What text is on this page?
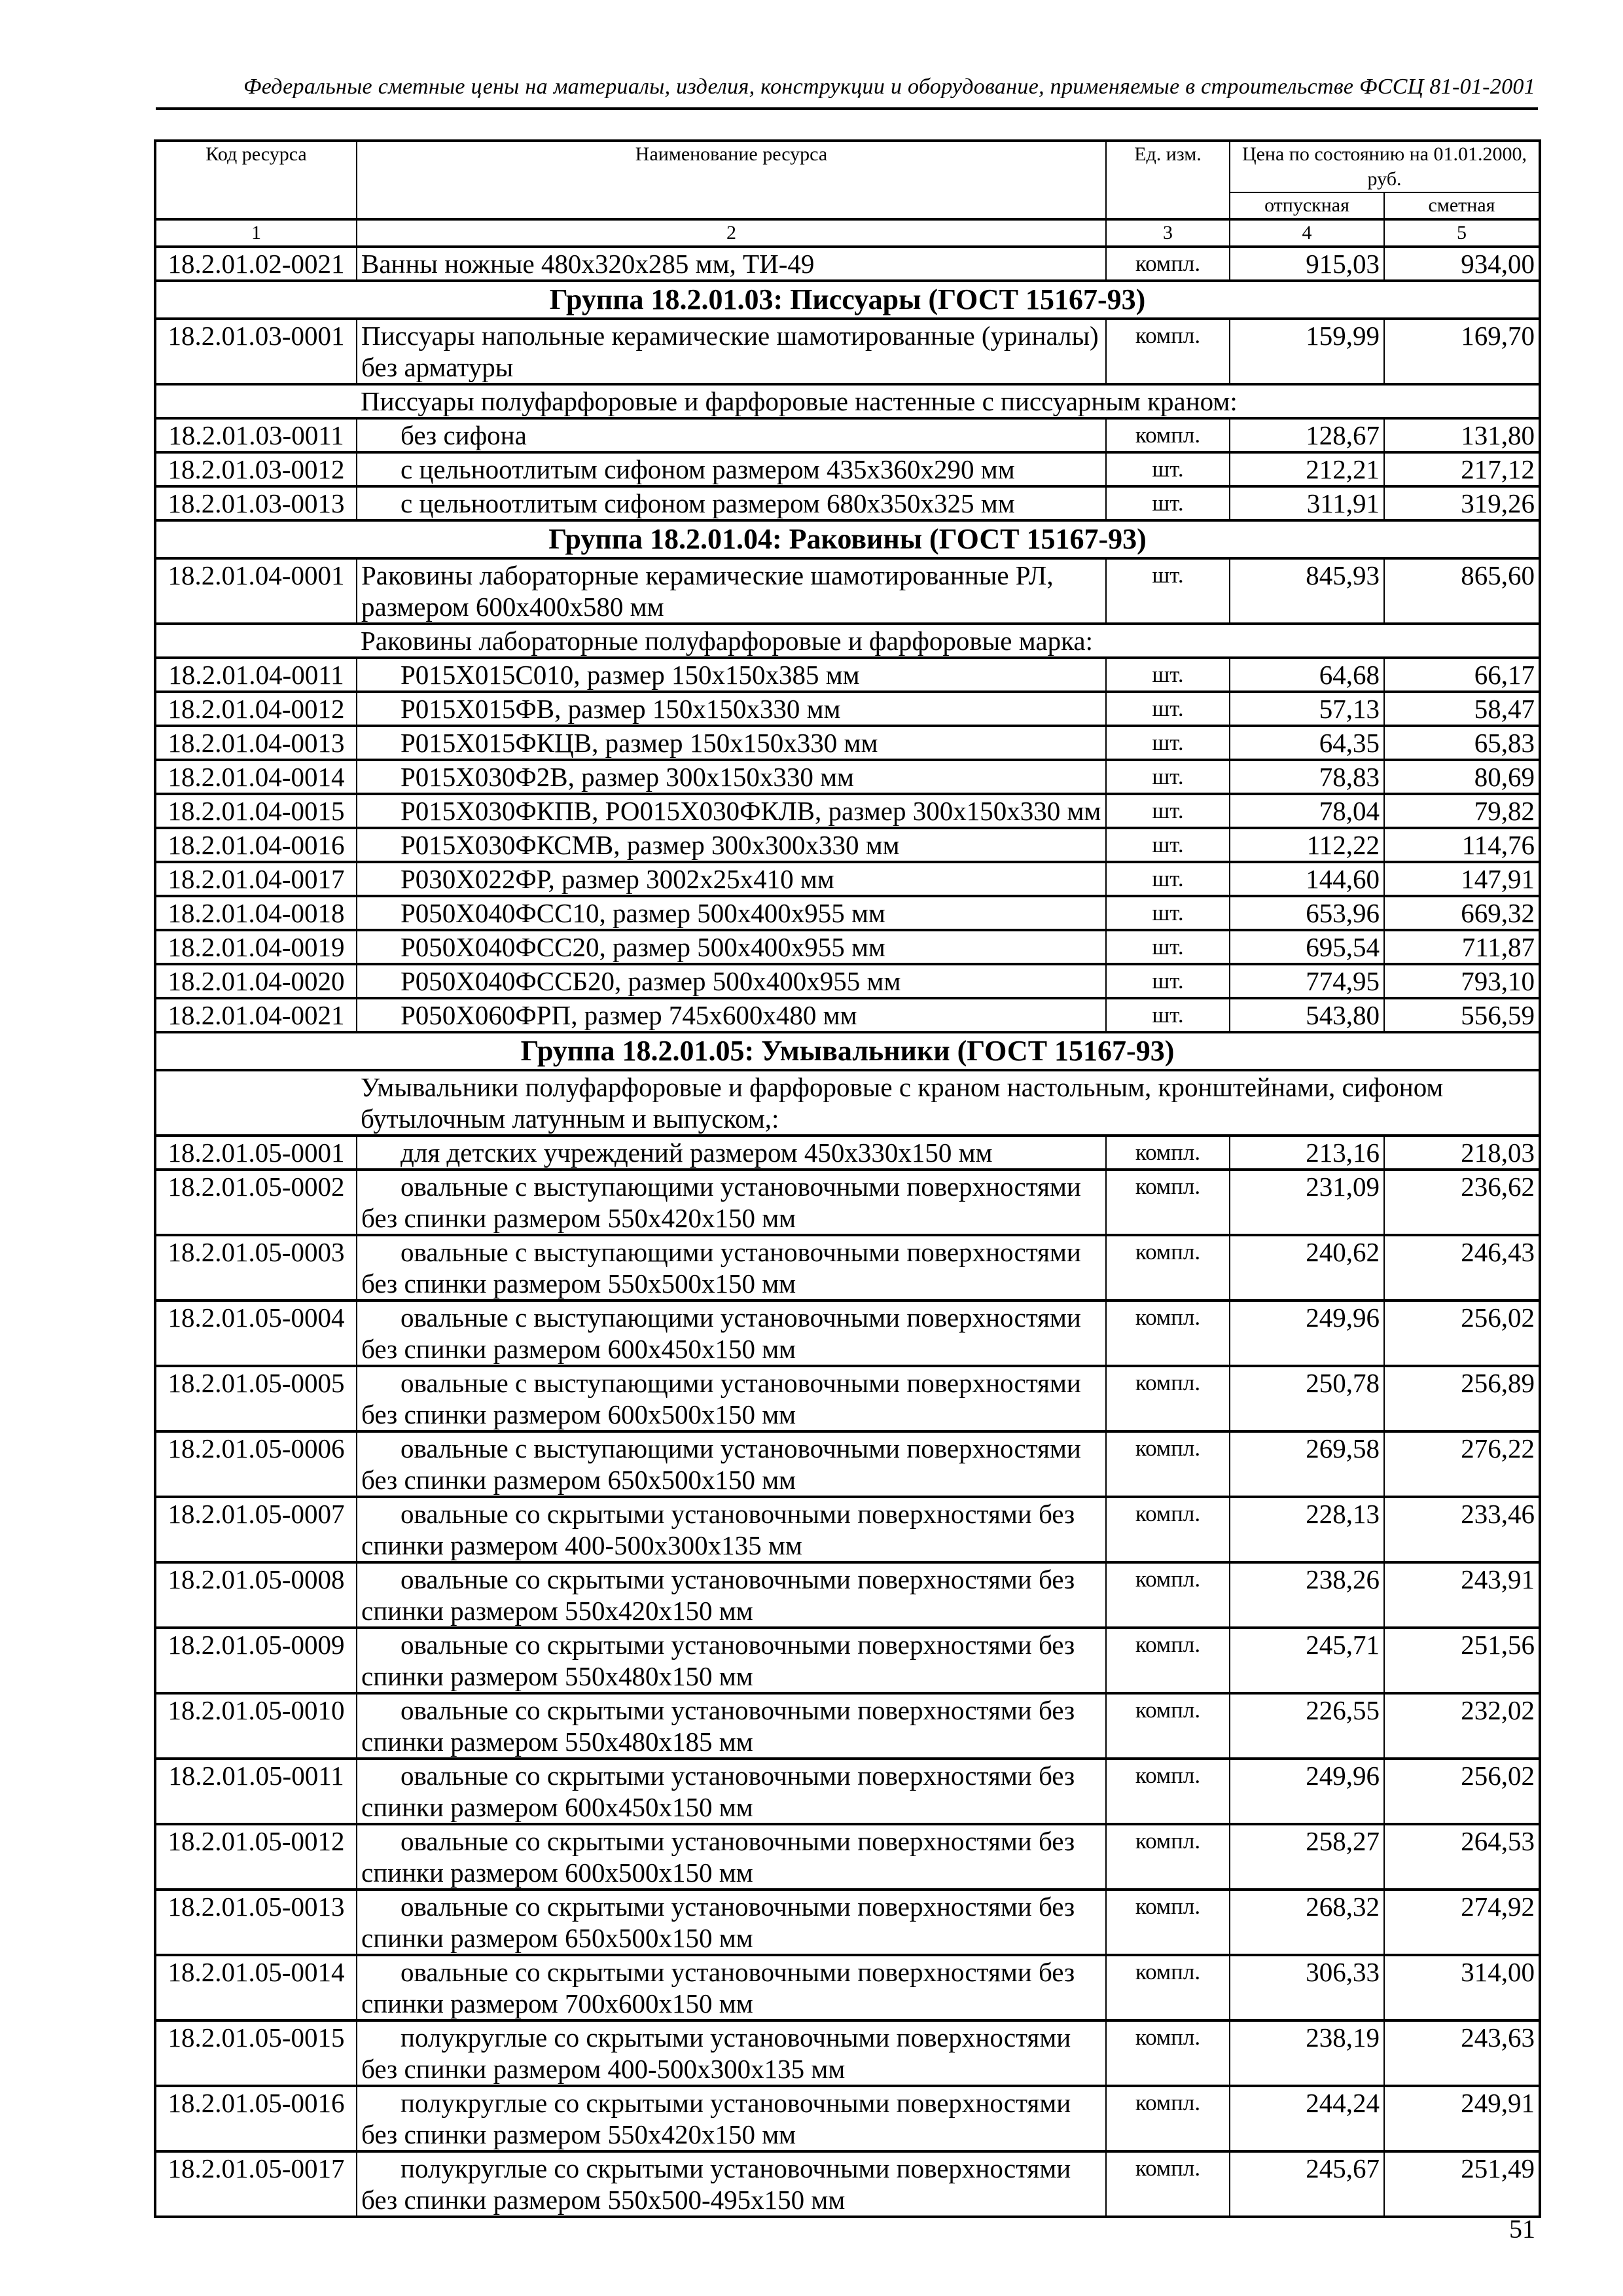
Федеральные сметные цены на материалы, изделия, конструкции и оборудование, применяемые в строительстве ФССЦ 81-01-2001
Код ресурса	Наименование ресурса	Ед. изм.	Цена по состоянию на 01.01.2000, руб.	
			отпускная	сметная
1	2	3	4	5
18.2.01.02-0021	Ванны ножные 480х320х285 мм, ТИ-49	компл.	915,03	934,00
Группа 18.2.01.03: Писсуары (ГОСТ 15167-93)				
18.2.01.03-0001	Писсуары напольные керамические шамотированные (уриналы) без арматуры	компл.	159,99	169,70
	Писсуары полуфарфоровые и фарфоровые настенные с писсуарным краном:			
18.2.01.03-0011	без сифона	компл.	128,67	131,80
18.2.01.03-0012	с цельноотлитым сифоном размером 435х360х290 мм	шт.	212,21	217,12
18.2.01.03-0013	с цельноотлитым сифоном размером 680х350х325 мм	шт.	311,91	319,26
Группа 18.2.01.04: Раковины (ГОСТ 15167-93)				
18.2.01.04-0001	Раковины лабораторные керамические шамотированные РЛ, размером 600х400х580 мм	шт.	845,93	865,60
	Раковины лабораторные полуфарфоровые и фарфоровые марка:			
18.2.01.04-0011	Р015Х015С010, размер 150х150х385 мм	шт.	64,68	66,17
18.2.01.04-0012	Р015Х015ФВ, размер 150х150х330 мм	шт.	57,13	58,47
18.2.01.04-0013	Р015Х015ФКЦВ, размер 150х150х330 мм	шт.	64,35	65,83
18.2.01.04-0014	Р015Х030Ф2В, размер 300х150х330 мм	шт.	78,83	80,69
18.2.01.04-0015	Р015Х030ФКПВ, РО015Х030ФКЛВ, размер 300х150х330 мм	шт.	78,04	79,82
18.2.01.04-0016	Р015Х030ФКСМВ, размер 300х300х330 мм	шт.	112,22	114,76
18.2.01.04-0017	Р030Х022ФР, размер 3002х25х410 мм	шт.	144,60	147,91
18.2.01.04-0018	Р050Х040ФСС10, размер 500х400х955 мм	шт.	653,96	669,32
18.2.01.04-0019	Р050Х040ФСС20, размер 500х400х955 мм	шт.	695,54	711,87
18.2.01.04-0020	Р050Х040ФССБ20, размер 500х400х955 мм	шт.	774,95	793,10
18.2.01.04-0021	Р050Х060ФРП, размер 745х600х480 мм	шт.	543,80	556,59
Группа 18.2.01.05: Умывальники (ГОСТ 15167-93)				
	Умывальники полуфарфоровые и фарфоровые с краном настольным, кронштейнами, сифоном бутылочным латунным и выпуском,:			
18.2.01.05-0001	для детских учреждений размером 450х330х150 мм	компл.	213,16	218,03
18.2.01.05-0002	овальные с выступающими установочными поверхностями без спинки размером 550х420х150 мм	компл.	231,09	236,62
18.2.01.05-0003	овальные с выступающими установочными поверхностями без спинки размером 550х500х150 мм	компл.	240,62	246,43
18.2.01.05-0004	овальные с выступающими установочными поверхностями без спинки размером 600х450х150 мм	компл.	249,96	256,02
18.2.01.05-0005	овальные с выступающими установочными поверхностями без спинки размером 600х500х150 мм	компл.	250,78	256,89
18.2.01.05-0006	овальные с выступающими установочными поверхностями без спинки размером 650х500х150 мм	компл.	269,58	276,22
18.2.01.05-0007	овальные со скрытыми установочными поверхностями без спинки размером 400-500х300х135 мм	компл.	228,13	233,46
18.2.01.05-0008	овальные со скрытыми установочными поверхностями без спинки размером 550х420х150 мм	компл.	238,26	243,91
18.2.01.05-0009	овальные со скрытыми установочными поверхностями без спинки размером 550х480х150 мм	компл.	245,71	251,56
18.2.01.05-0010	овальные со скрытыми установочными поверхностями без спинки размером 550х480х185 мм	компл.	226,55	232,02
18.2.01.05-0011	овальные со скрытыми установочными поверхностями без спинки размером 600х450х150 мм	компл.	249,96	256,02
18.2.01.05-0012	овальные со скрытыми установочными поверхностями без спинки размером 600х500х150 мм	компл.	258,27	264,53
18.2.01.05-0013	овальные со скрытыми установочными поверхностями без спинки размером 650х500х150 мм	компл.	268,32	274,92
18.2.01.05-0014	овальные со скрытыми установочными поверхностями без спинки размером 700х600х150 мм	компл.	306,33	314,00
18.2.01.05-0015	полукруглые со скрытыми установочными поверхностями без спинки размером 400-500х300х135 мм	компл.	238,19	243,63
18.2.01.05-0016	полукруглые со скрытыми установочными поверхностями без спинки размером 550х420х150 мм	компл.	244,24	249,91
18.2.01.05-0017	полукруглые со скрытыми установочными поверхностями без спинки размером 550х500-495х150 мм	компл.	245,67	251,49
51
